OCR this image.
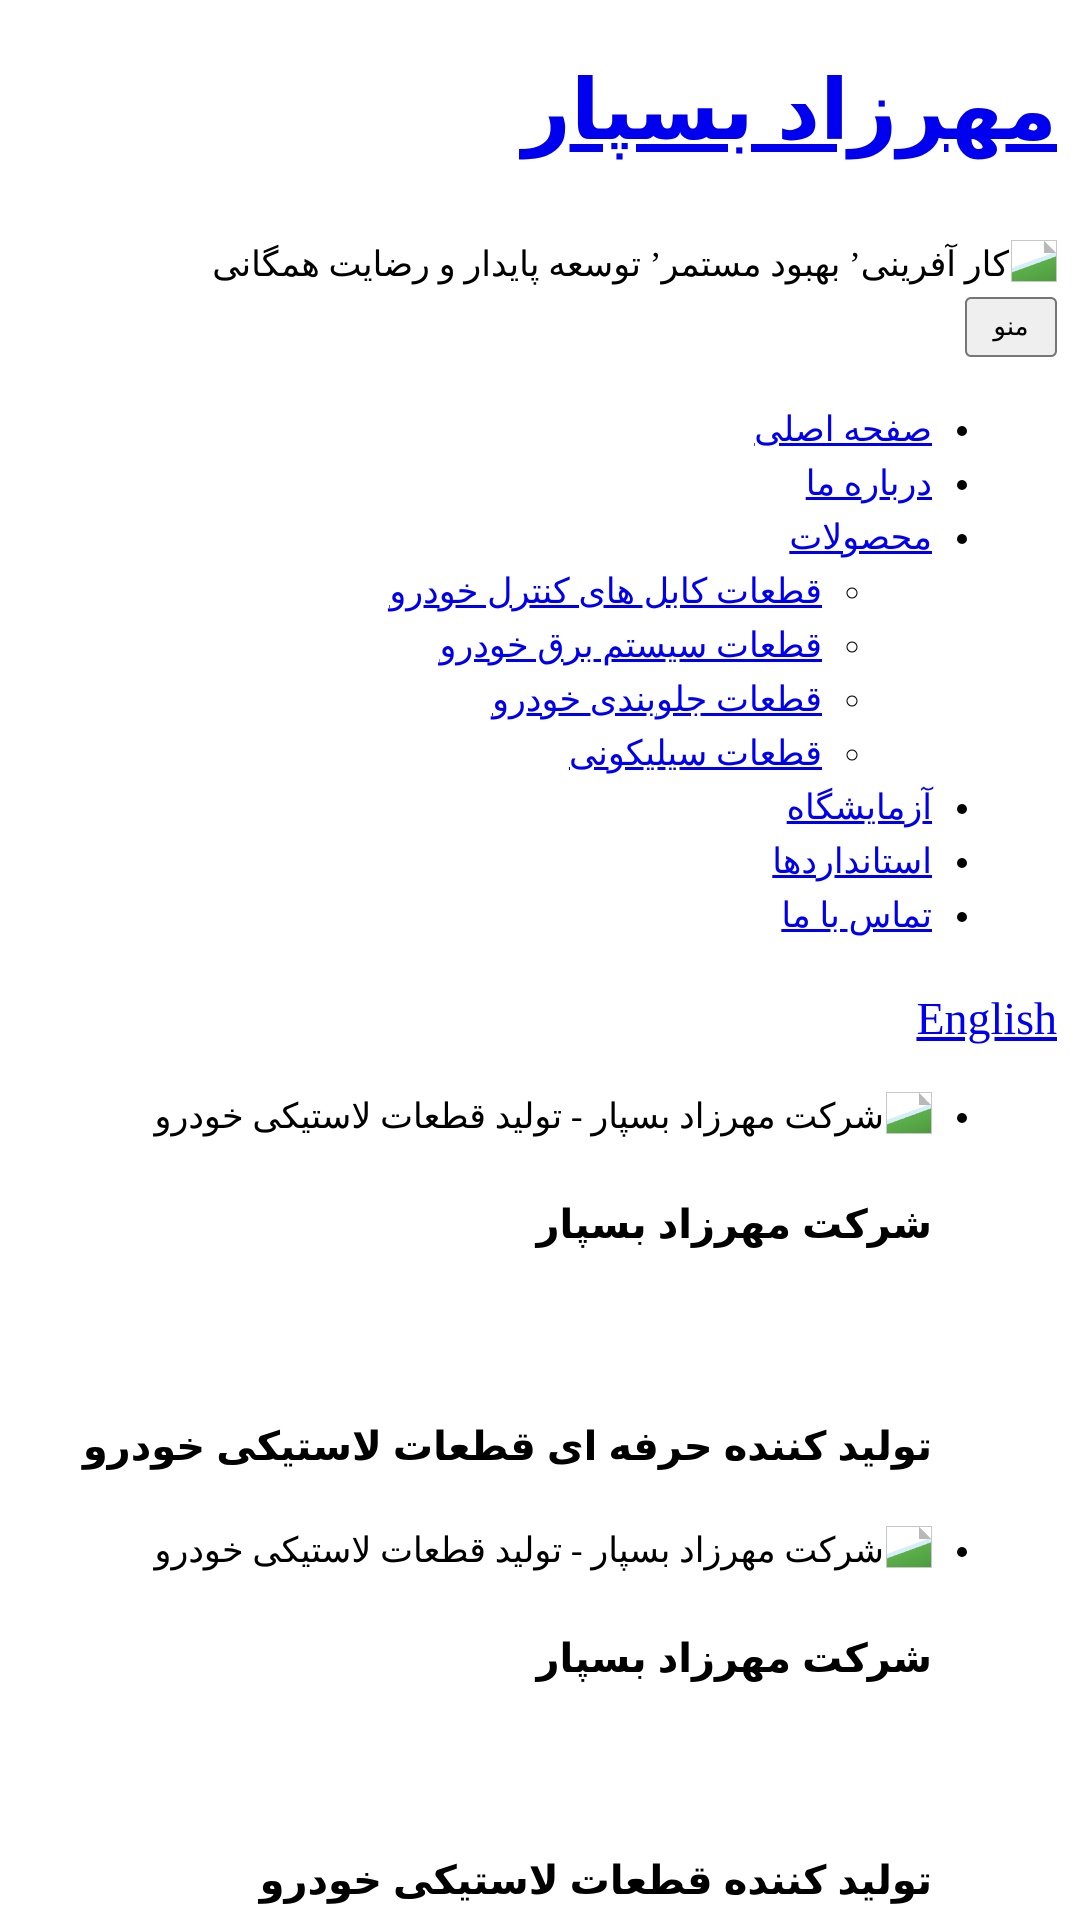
مهرزاد بسپار

کار آفرینی’ بهبود مستمر’ توسعه پایدار و رضایت همگانی

منو
• صفحه اصلی
• درباره ما
• محصولات
◦ قطعات کابل های کنترل خودرو
◦ قطعات سیستم برق خودرو
◦ قطعات جلوبندی خودرو
◦ قطعات سیلیکونی
• آزمایشگاه
• استانداردها
• تماس با ما
English
• شرکت مهرزاد بسپار - تولید قطعات لاستیکی خودرو
شرکت مهرزاد بسپار
تولید کننده حرفه ای قطعات لاستیکی خودرو
• شرکت مهرزاد بسپار - تولید قطعات لاستیکی خودرو
شرکت مهرزاد بسپار
تولید کننده قطعات لاستیکی خودرو
